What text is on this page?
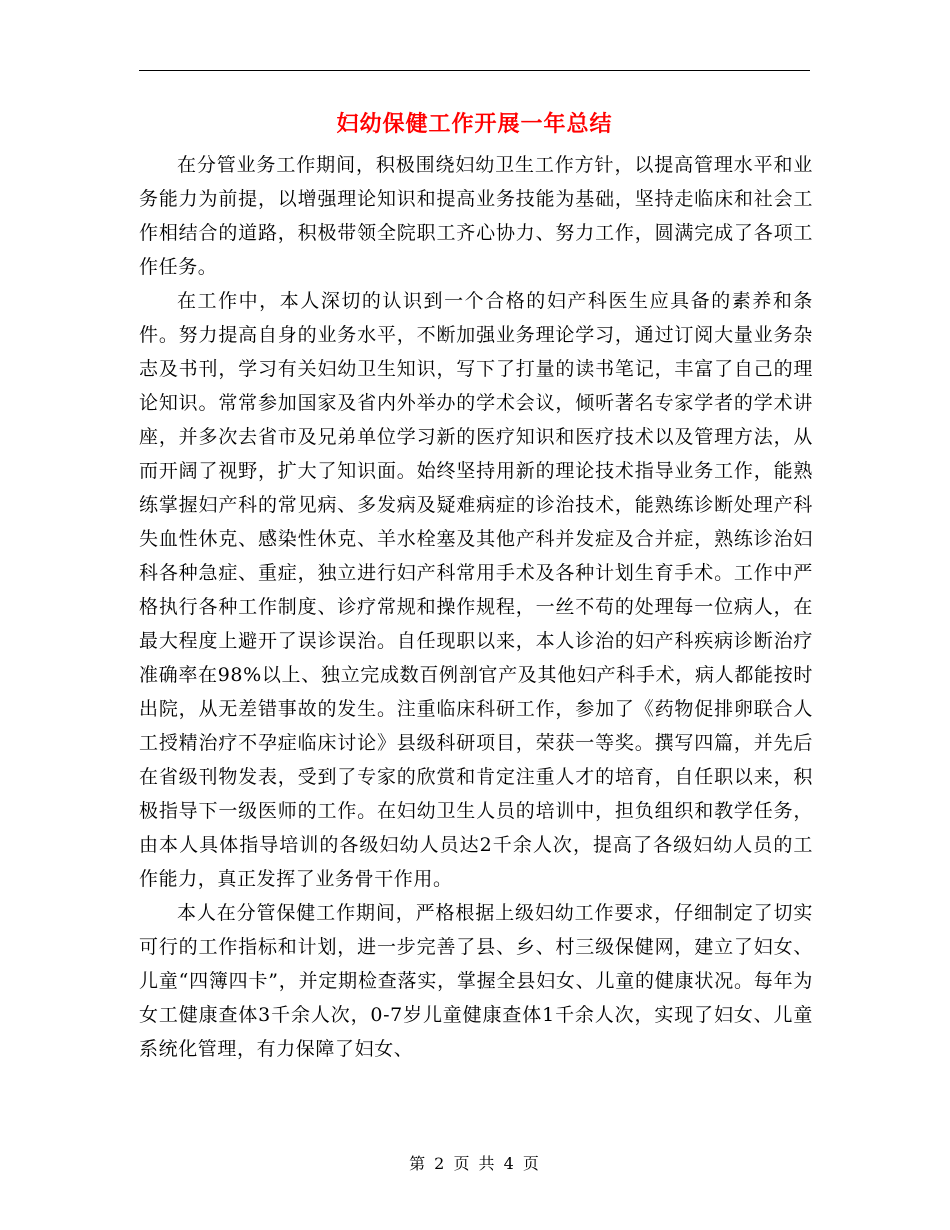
妇幼保健工作开展一年总结

在分管业务工作期间，积极围绕妇幼卫生工作方针，以提高管理水平和业务能力为前提，以增强理论知识和提高业务技能为基础，坚持走临床和社会工作相结合的道路，积极带领全院职工齐心协力、努力工作，圆满完成了各项工作任务。

在工作中，本人深切的认识到一个合格的妇产科医生应具备的素养和条件。努力提高自身的业务水平，不断加强业务理论学习，通过订阅大量业务杂志及书刊，学习有关妇幼卫生知识，写下了打量的读书笔记，丰富了自己的理论知识。常常参加国家及省内外举办的学术会议，倾听著名专家学者的学术讲座，并多次去省市及兄弟单位学习新的医疗知识和医疗技术以及管理方法，从而开阔了视野，扩大了知识面。始终坚持用新的理论技术指导业务工作，能熟练掌握妇产科的常见病、多发病及疑难病症的诊治技术，能熟练诊断处理产科失血性休克、感染性休克、羊水栓塞及其他产科并发症及合并症，熟练诊治妇科各种急症、重症，独立进行妇产科常用手术及各种计划生育手术。工作中严格执行各种工作制度、诊疗常规和操作规程，一丝不苟的处理每一位病人，在最大程度上避开了误诊误治。自任现职以来，本人诊治的妇产科疾病诊断治疗准确率在98%以上、独立完成数百例剖官产及其他妇产科手术，病人都能按时出院，从无差错事故的发生。注重临床科研工作，参加了《药物促排卵联合人工授精治疗不孕症临床讨论》县级科研项目，荣获一等奖。撰写四篇，并先后在省级刊物发表，受到了专家的欣赏和肯定注重人才的培育，自任职以来，积极指导下一级医师的工作。在妇幼卫生人员的培训中，担负组织和教学任务，由本人具体指导培训的各级妇幼人员达2千余人次，提高了各级妇幼人员的工作能力，真正发挥了业务骨干作用。

本人在分管保健工作期间，严格根据上级妇幼工作要求，仔细制定了切实可行的工作指标和计划，进一步完善了县、乡、村三级保健网，建立了妇女、儿童“四簿四卡”，并定期检查落实，掌握全县妇女、儿童的健康状况。每年为女工健康查体3千余人次，0-7岁儿童健康查体1千余人次，实现了妇女、儿童系统化管理，有力保障了妇女、

第 2 页 共 4 页
